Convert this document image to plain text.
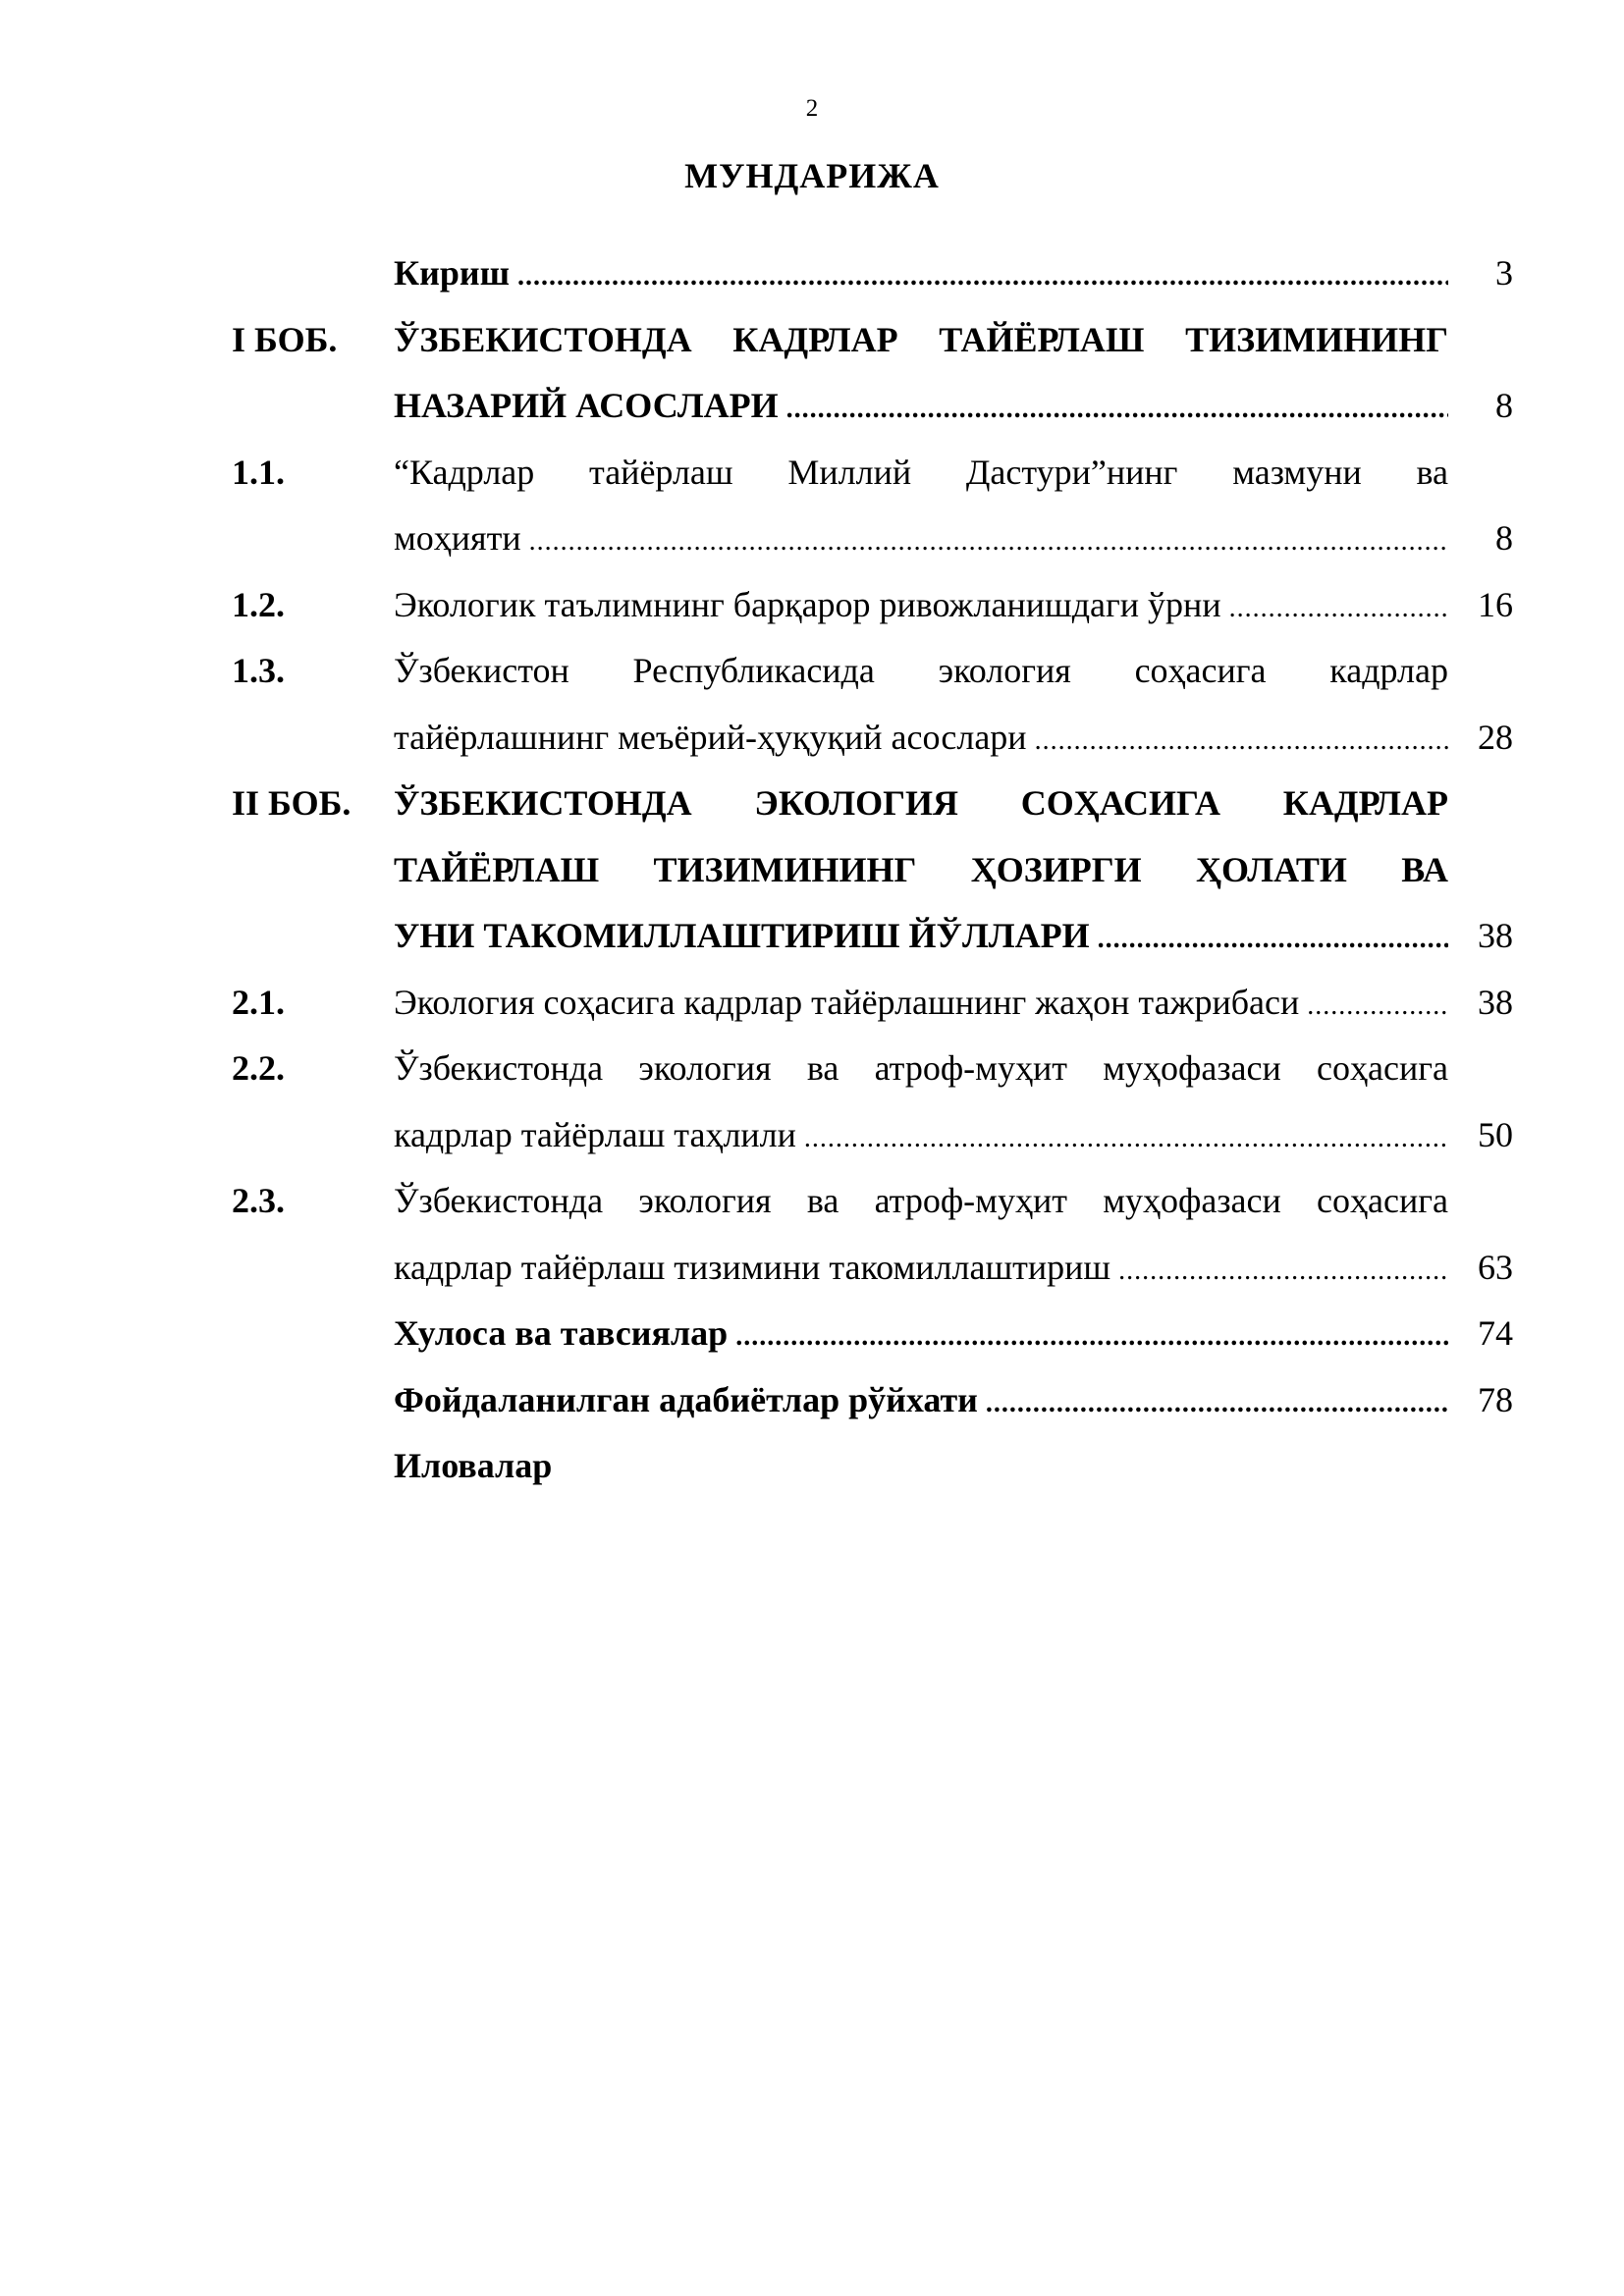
2
МУНДАРИЖА
Кириш .....	3
I БОБ. ЎЗБЕКИСТОНДА КАДРЛАР ТАЙЁРЛАШ ТИЗИМИНИНГ
НАЗАРИЙ АСОСЛАРИ .....	8
1.1.	“Кадрлар тайёрлаш Миллий Дастури”нинг мазмуни ва
моҳияти .....	8
1.2.	Экологик таълимнинг барқарор ривожланишдаги ўрни .....	16
1.3.	Ўзбекистон Республикасида экология соҳасига кадрлар
тайёрлашнинг меъёрий-ҳуқуқий асослари .....	28
II БОБ. ЎЗБЕКИСТОНДА ЭКОЛОГИЯ СОҲАСИГА КАДРЛАР
ТАЙЁРЛАШ ТИЗИМИНИНГ ҲОЗИРГИ ҲОЛАТИ ВА
УНИ ТАКОМИЛЛАШТИРИШ ЙЎЛЛАРИ .....	38
2.1.	Экология соҳасига кадрлар тайёрлашнинг жаҳон тажрибаси .....	38
2.2.	Ўзбекистонда экология ва атроф-муҳит муҳофазаси соҳасига
кадрлар тайёрлаш таҳлили .....	50
2.3.	Ўзбекистонда экология ва атроф-муҳит муҳофазаси соҳасига
кадрлар тайёрлаш тизимини такомиллаштириш .....	63
Хулоса ва тавсиялар .....	74
Фойдаланилган адабиётлар рўйхати .....	78
Иловалар
